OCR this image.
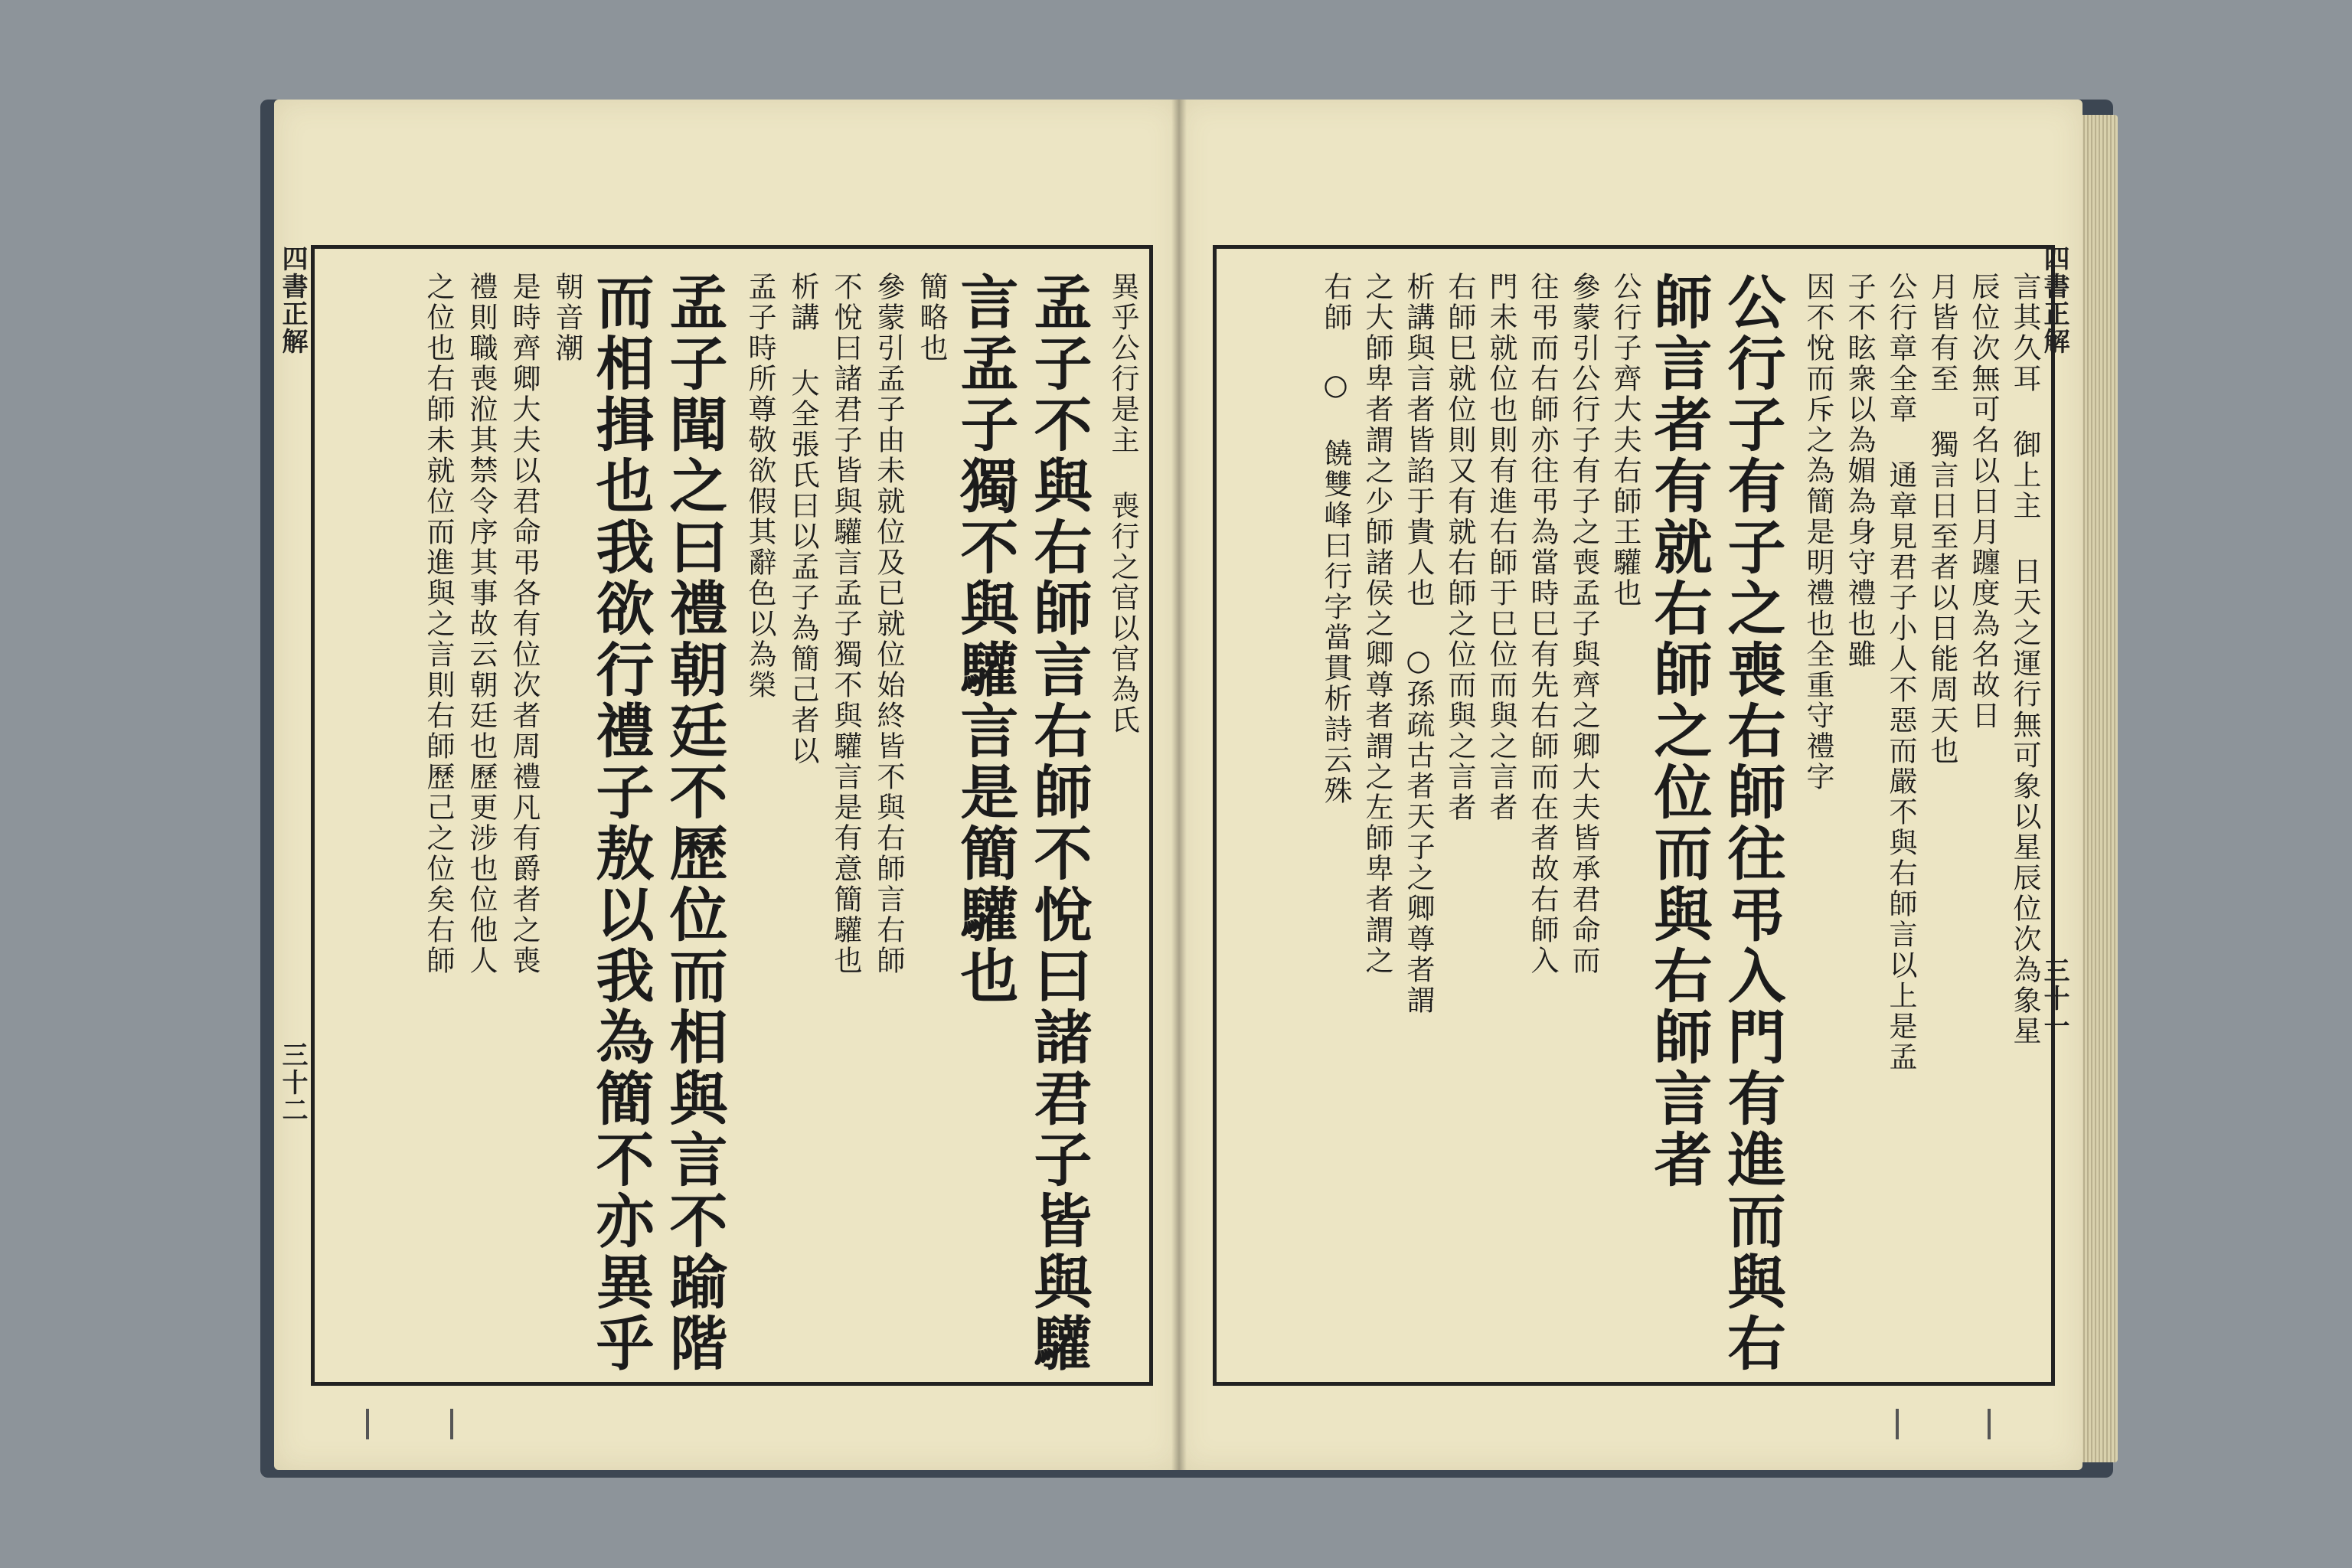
四書正解
三十二
異乎公行是主 喪行之官以官為氏
孟子不與右師言右師不悅曰諸君子皆與驩
言孟子獨不與驩言是簡驩也
簡略也
參蒙引孟子由未就位及已就位始終皆不與右師言右師
不悅曰諸君子皆與驩言孟子獨不與驩言是有意簡驩也
析講 大全張氏曰以孟子為簡己者以
孟子時所尊敬欲假其辭色以為榮
孟子聞之曰禮朝廷不歷位而相與言不踰階
而相揖也我欲行禮子敖以我為簡不亦異乎
朝音潮
是時齊卿大夫以君命弔各有位次者周禮凡有爵者之喪
禮則職喪涖其禁令序其事故云朝廷也歷更涉也位他人
之位也右師未就位而進與之言則右師歷己之位矣右師	四書正解
三十一
言其久耳 御上主 日天之運行無可象以星辰位次為象星
辰位次無可名以日月躔度為名故日
月皆有至 獨言日至者以日能周天也
公行章全章 通章見君子小人不惡而嚴不與右師言以上是孟
子不眩衆以為媚為身守禮也雖
因不悅而斥之為簡是明禮也全重守禮字
公行子有子之喪右師往弔入門有進而與右
師言者有就右師之位而與右師言者
公行子齊大夫右師王驩也
參蒙引公行子有子之喪孟子與齊之卿大夫皆承君命而
往弔而右師亦往弔為當時巳有先右師而在者故右師入
門未就位也則有進右師于巳位而與之言者
右師巳就位則又有就右師之位而與之言者
析講與言者皆諂于貴人也 ○孫疏古者天子之卿尊者謂
之大師卑者謂之少師諸侯之卿尊者謂之左師卑者謂之
右師 ○ 饒雙峰曰行字當貫析詩云殊
